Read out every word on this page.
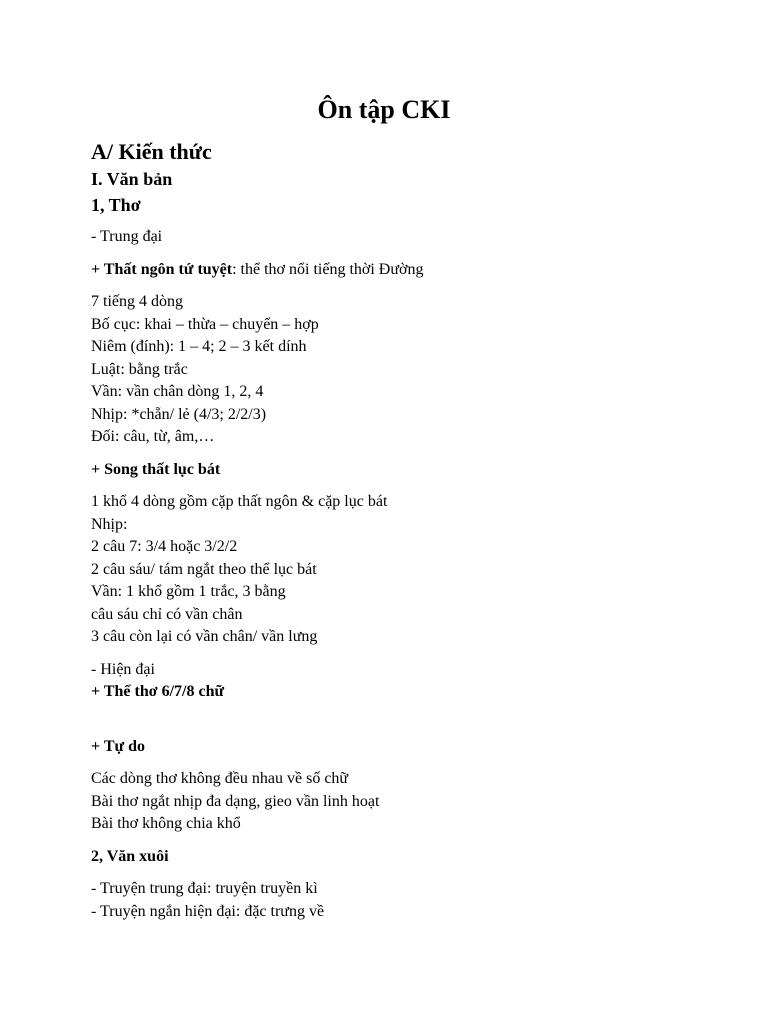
Ôn tập CKI

A/ Kiến thức

I. Văn bản

1, Thơ

- Trung đại

+ Thất ngôn tứ tuyệt: thể thơ nổi tiếng thời Đường

7 tiếng 4 dòng

Bố cục: khai – thừa – chuyển – hợp

Niêm (đính): 1 – 4; 2 – 3 kết dính

Luật: bằng trắc

Vần: vần chân dòng 1, 2, 4

Nhịp: *chẵn/ lẻ (4/3; 2/2/3)

Đối: câu, từ, âm,…

+ Song thất lục bát

1 khổ 4 dòng gồm cặp thất ngôn & cặp lục bát

Nhịp:

2 câu 7: 3/4 hoặc 3/2/2

2 câu sáu/ tám ngắt theo thể lục bát

Vần: 1 khổ gồm 1 trắc, 3 bằng

câu sáu chỉ có vần chân

3 câu còn lại có vần chân/ vần lưng

- Hiện đại

+ Thể thơ 6/7/8 chữ

+ Tự do

Các dòng thơ không đều nhau về số chữ

Bài thơ ngắt nhịp đa dạng, gieo vần linh hoạt

Bài thơ không chia khổ

2, Văn xuôi

- Truyện trung đại: truyện truyền kì

- Truyện ngắn hiện đại: đặc trưng về
